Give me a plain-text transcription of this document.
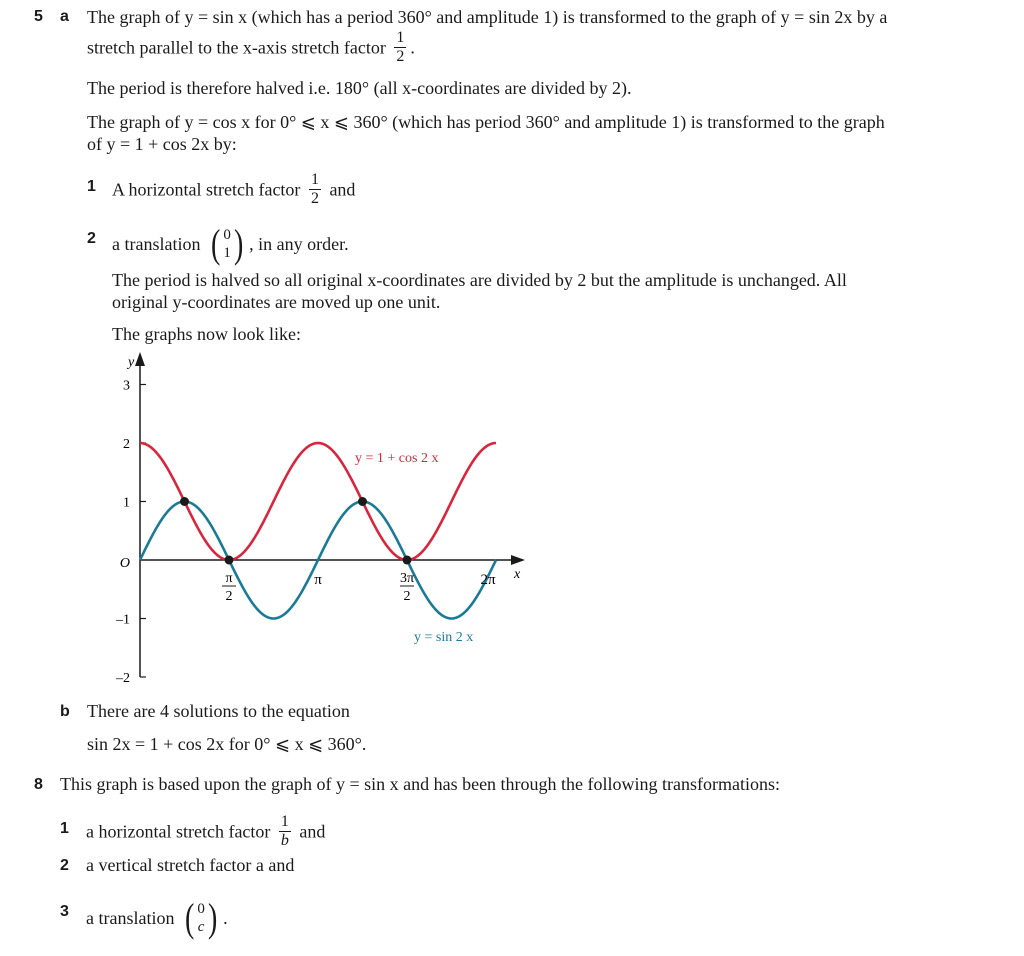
5 a The graph of y = sin x (which has a period 360° and amplitude 1) is transformed to the graph of y = sin 2x by a
stretch parallel to the x-axis stretch factor $\frac{1}{2}$ .
The period is therefore halved i.e. 180° (all x-coordinates are divided by 2).
The graph of y = cos x for 0° ⩽ x ⩽ 360° (which has period 360° and amplitude 1) is transformed to the graph
of y = 1 + cos 2x by:
1 A horizontal stretch factor $\frac{1}{2}$ and
2 a translation ( 0
1 ) , in any order.
The period is halved so all original x-coordinates are divided by 2 but the amplitude is unchanged. All
original y-coordinates are moved up one unit.
The graphs now look like:
3
2
1
O
–1
–2
y
x
π
2
π	3π
2
2π
y = 1 + cos 2 x
y = sin 2 x
b There are 4 solutions to the equation
sin 2x = 1 + cos 2x for 0° ⩽ x ⩽ 360°.
8 This graph is based upon the graph of y = sin x and has been through the following transformations:
1 a horizontal stretch factor $\frac{1}{b}$ and
2 a vertical stretch factor a and
3 a translation ( 0
c ) .
